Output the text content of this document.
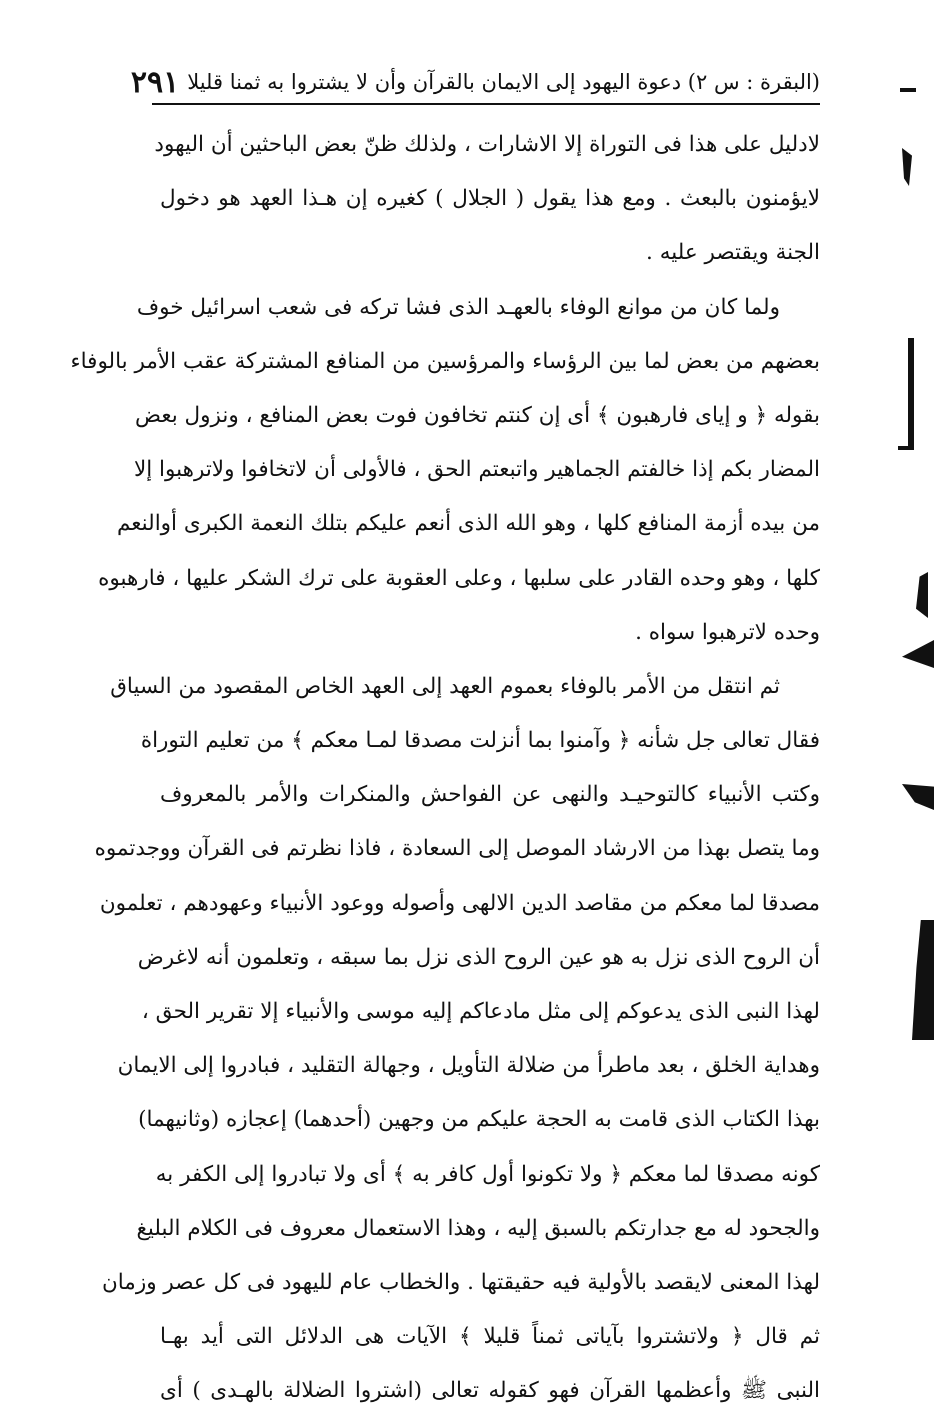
(البقرة : س ٢) دعوة اليهود إلى الايمان بالقرآن وأن لا يشتروا به ثمنا قليلا
٢٩١
لادليل على هذا فى التوراة إلا الاشارات ، ولذلك ظنّ بعض الباحثين أن اليهود
لايؤمنون بالبعث . ومع هذا يقول ( الجلال ) كغيره إن هـذا العهد هو دخول
الجنة ويقتصر عليه .
ولما كان من موانع الوفاء بالعهـد الذى فشا تركه فى شعب اسرائيل خوف
بعضهم من بعض لما بين الرؤساء والمرؤسين من المنافع المشتركة عقب الأمر بالوفاء
بقوله ﴿ و إياى فارهبون ﴾ أى إن كنتم تخافون فوت بعض المنافع ، ونزول بعض
المضار بكم إذا خالفتم الجماهير واتبعتم الحق ، فالأولى أن لاتخافوا ولاترهبوا إلا
من بيده أزمة المنافع كلها ، وهو الله الذى أنعم عليكم بتلك النعمة الكبرى أوالنعم
كلها ، وهو وحده القادر على سلبها ، وعلى العقوبة على ترك الشكر عليها ، فارهبوه
وحده لاترهبوا سواه .
ثم انتقل من الأمر بالوفاء بعموم العهد إلى العهد الخاص المقصود من السياق
فقال تعالى جل شأنه ﴿ وآمنوا بما أنزلت مصدقا لمـا معكم ﴾ من تعليم التوراة
وكتب الأنبياء كالتوحيـد والنهى عن الفواحش والمنكرات والأمر بالمعروف
وما يتصل بهذا من الارشاد الموصل إلى السعادة ، فاذا نظرتم فى القرآن ووجدتموه
مصدقا لما معكم من مقاصد الدين الالهى وأصوله ووعود الأنبياء وعهودهم ، تعلمون
أن الروح الذى نزل به هو عين الروح الذى نزل بما سبقه ، وتعلمون أنه لاغرض
لهذا النبى الذى يدعوكم إلى مثل مادعاكم إليه موسى والأنبياء إلا تقرير الحق ،
وهداية الخلق ، بعد ماطرأ من ضلالة التأويل ، وجهالة التقليد ، فبادروا إلى الايمان
بهذا الكتاب الذى قامت به الحجة عليكم من وجهين (أحدهما) إعجازه (وثانيهما)
كونه مصدقا لما معكم ﴿ ولا تكونوا أول كافر به ﴾ أى ولا تبادروا إلى الكفر به
والجحود له مع جدارتكم بالسبق إليه ، وهذا الاستعمال معروف فى الكلام البليغ
لهذا المعنى لايقصد بالأولية فيه حقيقتها . والخطاب عام لليهود فى كل عصر وزمان
ثم قال ﴿ ولاتشتروا بآياتى ثمناً قليلا ﴾ الآيات هى الدلائل التى أيد بهـا
النبى ﷺ وأعظمها القرآن فهو كقوله تعالى (اشتروا الضلالة بالهـدى ) أى
